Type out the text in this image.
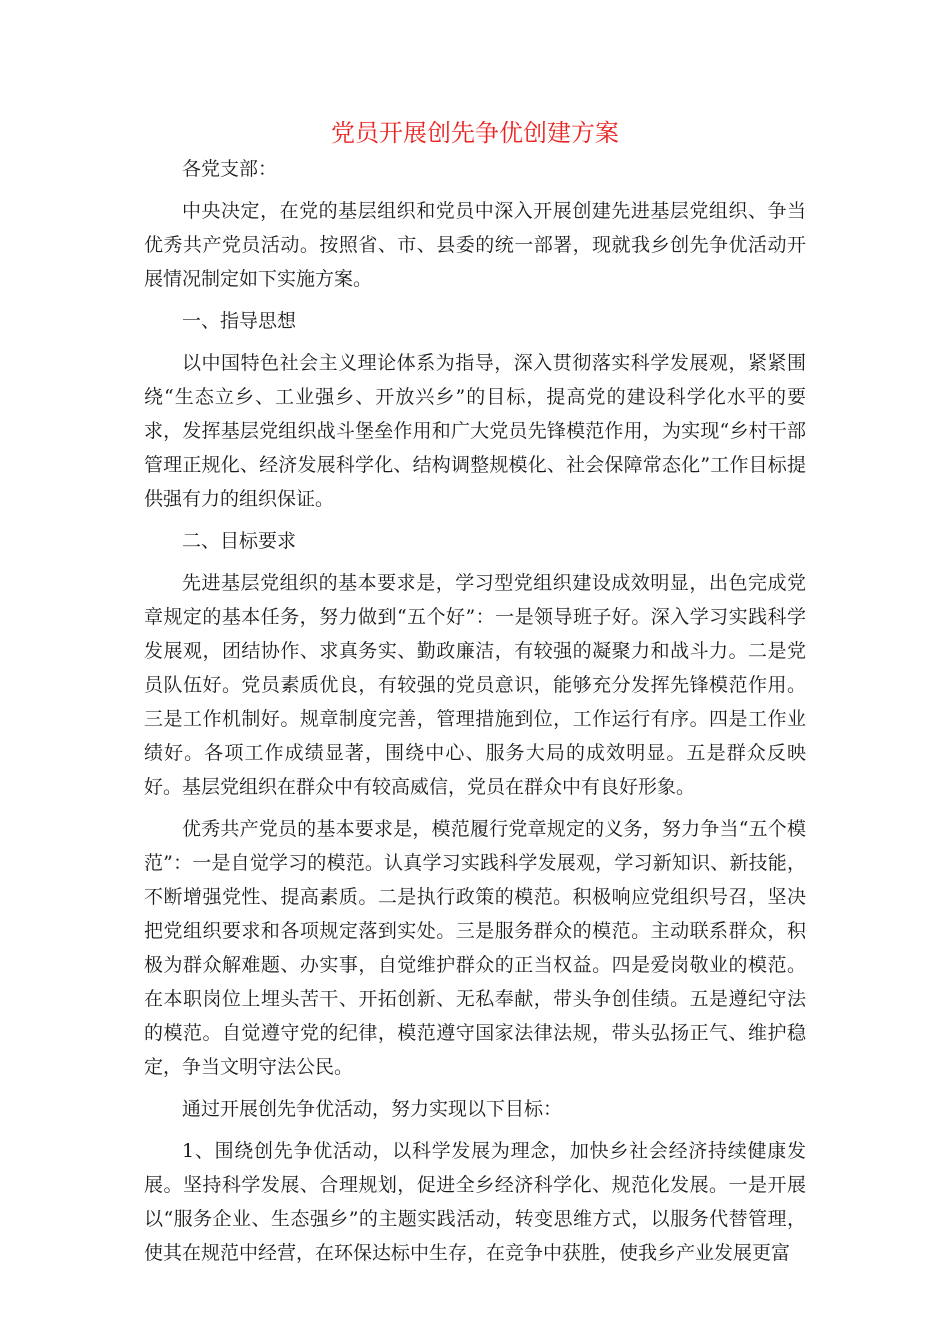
党员开展创先争优创建方案

各党支部：

中央决定，在党的基层组织和党员中深入开展创建先进基层党组织、争当优秀共产党员活动。按照省、市、县委的统一部署，现就我乡创先争优活动开展情况制定如下实施方案。

一、指导思想

以中国特色社会主义理论体系为指导，深入贯彻落实科学发展观，紧紧围绕“生态立乡、工业强乡、开放兴乡”的目标，提高党的建设科学化水平的要求，发挥基层党组织战斗堡垒作用和广大党员先锋模范作用，为实现“乡村干部管理正规化、经济发展科学化、结构调整规模化、社会保障常态化”工作目标提供强有力的组织保证。

二、目标要求

先进基层党组织的基本要求是，学习型党组织建设成效明显，出色完成党章规定的基本任务，努力做到“五个好”：一是领导班子好。深入学习实践科学发展观，团结协作、求真务实、勤政廉洁，有较强的凝聚力和战斗力。二是党员队伍好。党员素质优良，有较强的党员意识，能够充分发挥先锋模范作用。三是工作机制好。规章制度完善，管理措施到位，工作运行有序。四是工作业绩好。各项工作成绩显著，围绕中心、服务大局的成效明显。五是群众反映好。基层党组织在群众中有较高威信，党员在群众中有良好形象。

优秀共产党员的基本要求是，模范履行党章规定的义务，努力争当“五个模范”：一是自觉学习的模范。认真学习实践科学发展观，学习新知识、新技能，不断增强党性、提高素质。二是执行政策的模范。积极响应党组织号召，坚决把党组织要求和各项规定落到实处。三是服务群众的模范。主动联系群众，积极为群众解难题、办实事，自觉维护群众的正当权益。四是爱岗敬业的模范。在本职岗位上埋头苦干、开拓创新、无私奉献，带头争创佳绩。五是遵纪守法的模范。自觉遵守党的纪律，模范遵守国家法律法规，带头弘扬正气、维护稳定，争当文明守法公民。

通过开展创先争优活动，努力实现以下目标：

1、围绕创先争优活动，以科学发展为理念，加快乡社会经济持续健康发展。坚持科学发展、合理规划，促进全乡经济科学化、规范化发展。一是开展以“服务企业、生态强乡”的主题实践活动，转变思维方式，以服务代替管理，使其在规范中经营，在环保达标中生存，在竞争中获胜，使我乡产业发展更富
